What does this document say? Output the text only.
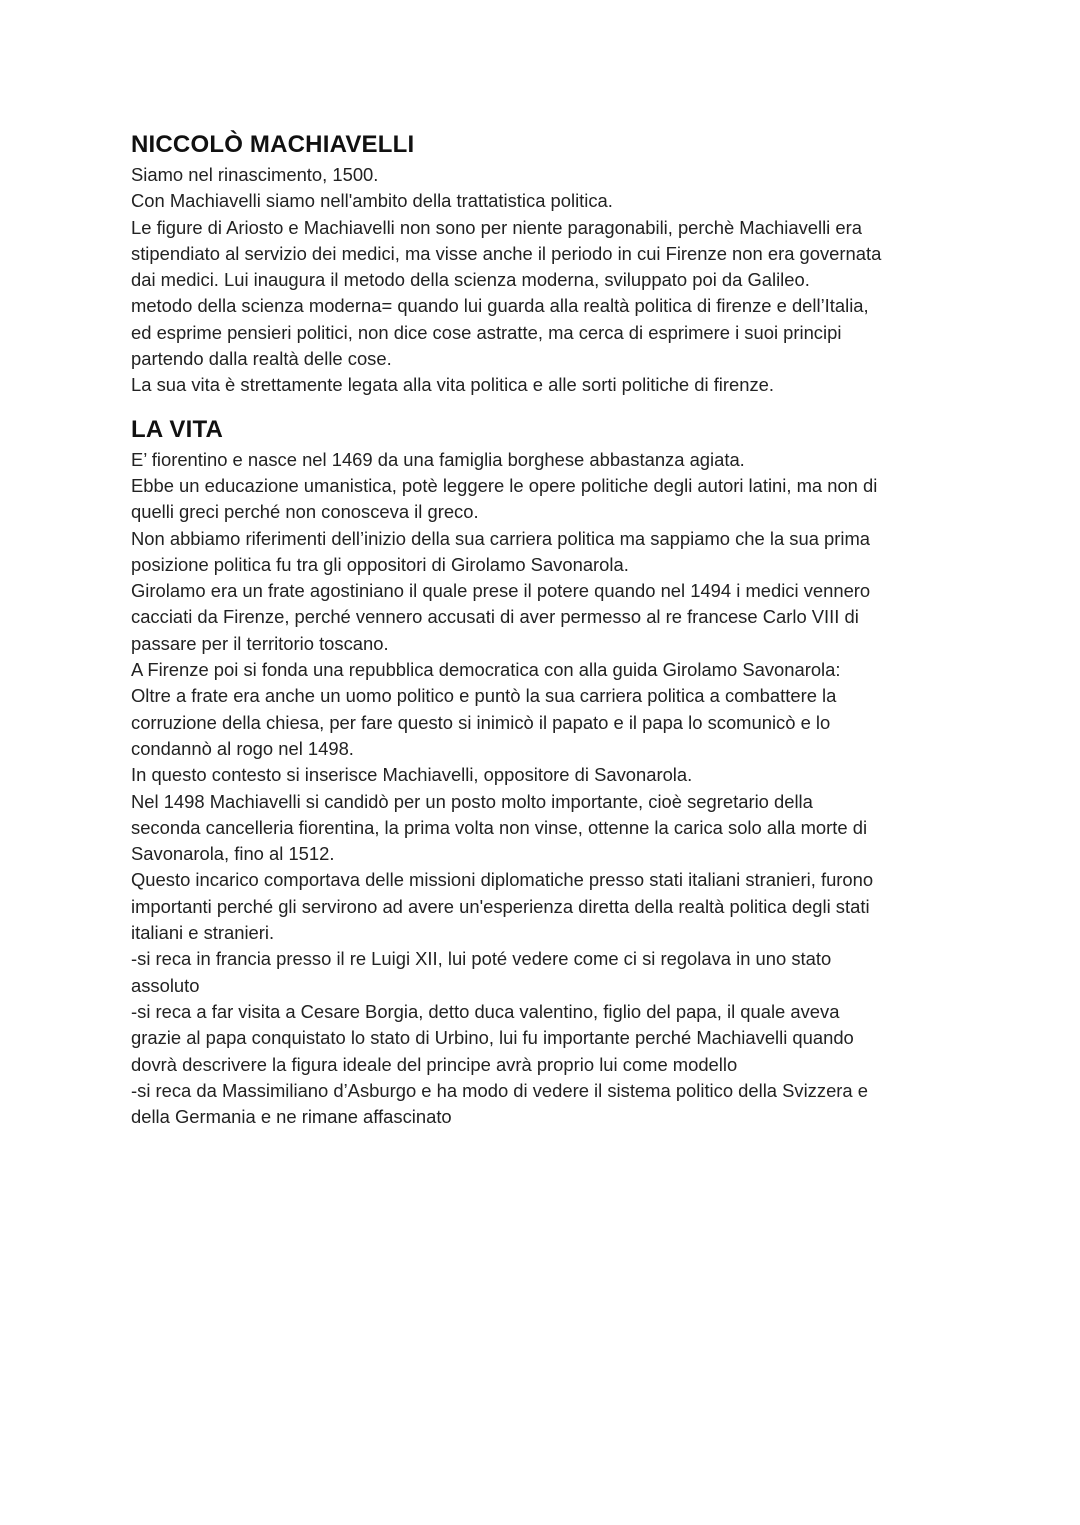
NICCOLÒ MACHIAVELLI
Siamo nel rinascimento, 1500.
Con Machiavelli siamo nell'ambito della trattatistica politica.
Le figure di Ariosto e Machiavelli non sono per niente paragonabili, perchè Machiavelli era
stipendiato al servizio dei medici, ma visse anche il periodo in cui Firenze non era governata
dai medici. Lui inaugura il metodo della scienza moderna, sviluppato poi da Galileo.
metodo della scienza moderna= quando lui guarda alla realtà politica di firenze e dell’Italia,
ed esprime pensieri politici, non dice cose astratte, ma cerca di esprimere i suoi principi
partendo dalla realtà delle cose.
La sua vita è strettamente legata alla vita politica e alle sorti politiche di firenze.
LA VITA
E’ fiorentino e nasce nel 1469 da una famiglia borghese abbastanza agiata.
Ebbe un educazione umanistica, potè leggere le opere politiche degli autori latini, ma non di
quelli greci perché non conosceva il greco.
Non abbiamo riferimenti dell’inizio della sua carriera politica ma sappiamo che la sua prima
posizione politica fu tra gli oppositori di Girolamo Savonarola.
Girolamo era un frate agostiniano il quale prese il potere quando nel 1494 i medici vennero
cacciati da Firenze, perché vennero accusati di aver permesso al re francese Carlo VIII di
passare per il territorio toscano.
A Firenze poi si fonda una repubblica democratica con alla guida Girolamo Savonarola:
Oltre a frate era anche un uomo politico e puntò la sua carriera politica a combattere la
corruzione della chiesa, per fare questo si inimicò il papato e il papa lo scomunicò e lo
condannò al rogo nel 1498.
In questo contesto si inserisce Machiavelli, oppositore di Savonarola.
Nel 1498 Machiavelli si candidò per un posto molto importante, cioè segretario della
seconda cancelleria fiorentina, la prima volta non vinse, ottenne la carica solo alla morte di
Savonarola, fino al 1512.
Questo incarico comportava delle missioni diplomatiche presso stati italiani stranieri, furono
importanti perché gli servirono ad avere un'esperienza diretta della realtà politica degli stati
italiani e stranieri.
-si reca in francia presso il re Luigi XII, lui poté vedere come ci si regolava in uno stato
assoluto
-si reca a far visita a Cesare Borgia, detto duca valentino, figlio del papa, il quale aveva
grazie al papa conquistato lo stato di Urbino, lui fu importante perché Machiavelli quando
dovrà descrivere la figura ideale del principe avrà proprio lui come modello
-si reca da Massimiliano d’Asburgo e ha modo di vedere il sistema politico della Svizzera e
della Germania e ne rimane affascinato
